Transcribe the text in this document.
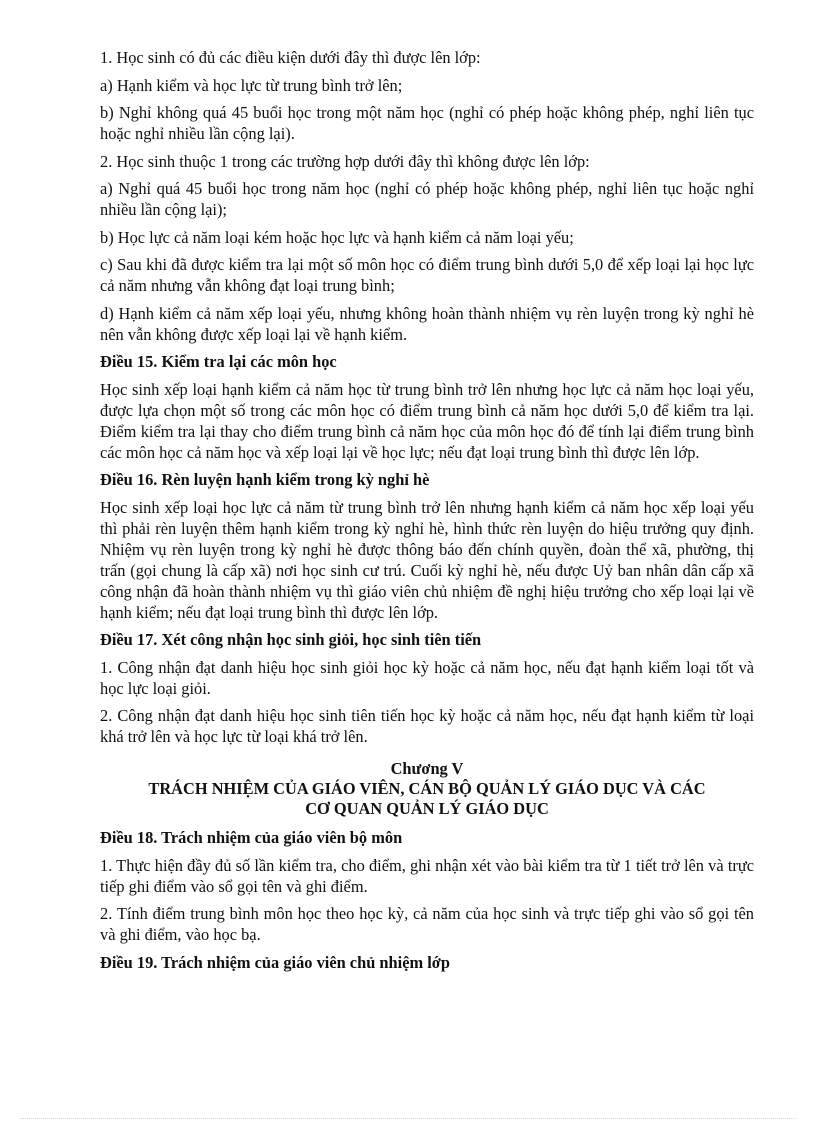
1. Học sinh có đủ các điều kiện dưới đây thì được lên lớp:

a) Hạnh kiểm và học lực từ trung bình trở lên;

b) Nghỉ không quá 45 buổi học trong một năm học (nghỉ có phép hoặc không phép, nghỉ liên tục hoặc nghỉ nhiều lần cộng lại).

2. Học sinh thuộc 1 trong các trường hợp dưới đây thì không được lên lớp:

a) Nghỉ quá 45 buổi học trong năm học (nghỉ có phép hoặc không phép, nghỉ liên tục hoặc nghỉ nhiều lần cộng lại);

b) Học lực cả năm loại kém hoặc học lực và hạnh kiểm cả năm loại yếu;

c) Sau khi đã được kiểm tra lại một số môn học có điểm trung bình dưới 5,0 để xếp loại lại học lực cả năm nhưng vẫn không đạt loại trung bình;

d) Hạnh kiểm cả năm xếp loại yếu, nhưng không hoàn thành nhiệm vụ rèn luyện trong kỳ nghỉ hè nên vẫn không được xếp loại lại về hạnh kiểm.

Điều 15. Kiểm tra lại các môn học

Học sinh xếp loại hạnh kiểm cả năm học từ trung bình trở lên nhưng học lực cả năm học loại yếu, được lựa chọn một số trong các môn học có điểm trung bình cả năm học dưới 5,0 để kiểm tra lại. Điểm kiểm tra lại thay cho điểm trung bình cả năm học của môn học đó để tính lại điểm trung bình các môn học cả năm học và xếp loại lại về học lực; nếu đạt loại trung bình thì được lên lớp.

Điều 16. Rèn luyện hạnh kiểm trong kỳ nghỉ hè

Học sinh xếp loại học lực cả năm từ trung bình trở lên nhưng hạnh kiểm cả năm học xếp loại yếu thì phải rèn luyện thêm hạnh kiểm trong kỳ nghỉ hè, hình thức rèn luyện do hiệu trưởng quy định. Nhiệm vụ rèn luyện trong kỳ nghỉ hè được thông báo đến chính quyền, đoàn thể xã, phường, thị trấn (gọi chung là cấp xã) nơi học sinh cư trú. Cuối kỳ nghỉ hè, nếu được Uỷ ban nhân dân cấp xã công nhận đã hoàn thành nhiệm vụ thì giáo viên chủ nhiệm đề nghị hiệu trưởng cho xếp loại lại về hạnh kiểm; nếu đạt loại trung bình thì được lên lớp.

Điều 17. Xét công nhận học sinh giỏi, học sinh tiên tiến

1. Công nhận đạt danh hiệu học sinh giỏi học kỳ hoặc cả năm học, nếu đạt hạnh kiểm loại tốt và học lực loại giỏi.

2. Công nhận đạt danh hiệu học sinh tiên tiến học kỳ hoặc cả năm học, nếu đạt hạnh kiểm từ loại khá trở lên và học lực từ loại khá trở lên.

Chương V
TRÁCH NHIỆM CỦA GIÁO VIÊN, CÁN BỘ QUẢN LÝ GIÁO DỤC VÀ CÁC
CƠ QUAN QUẢN LÝ GIÁO DỤC

Điều 18. Trách nhiệm của giáo viên bộ môn

1. Thực hiện đầy đủ số lần kiểm tra, cho điểm, ghi nhận xét vào bài kiểm tra từ 1 tiết trở lên và trực tiếp ghi điểm vào sổ gọi tên và ghi điểm.

2. Tính điểm trung bình môn học theo học kỳ, cả năm của học sinh và trực tiếp ghi vào sổ gọi tên và ghi điểm, vào học bạ.

Điều 19. Trách nhiệm của giáo viên chủ nhiệm lớp
